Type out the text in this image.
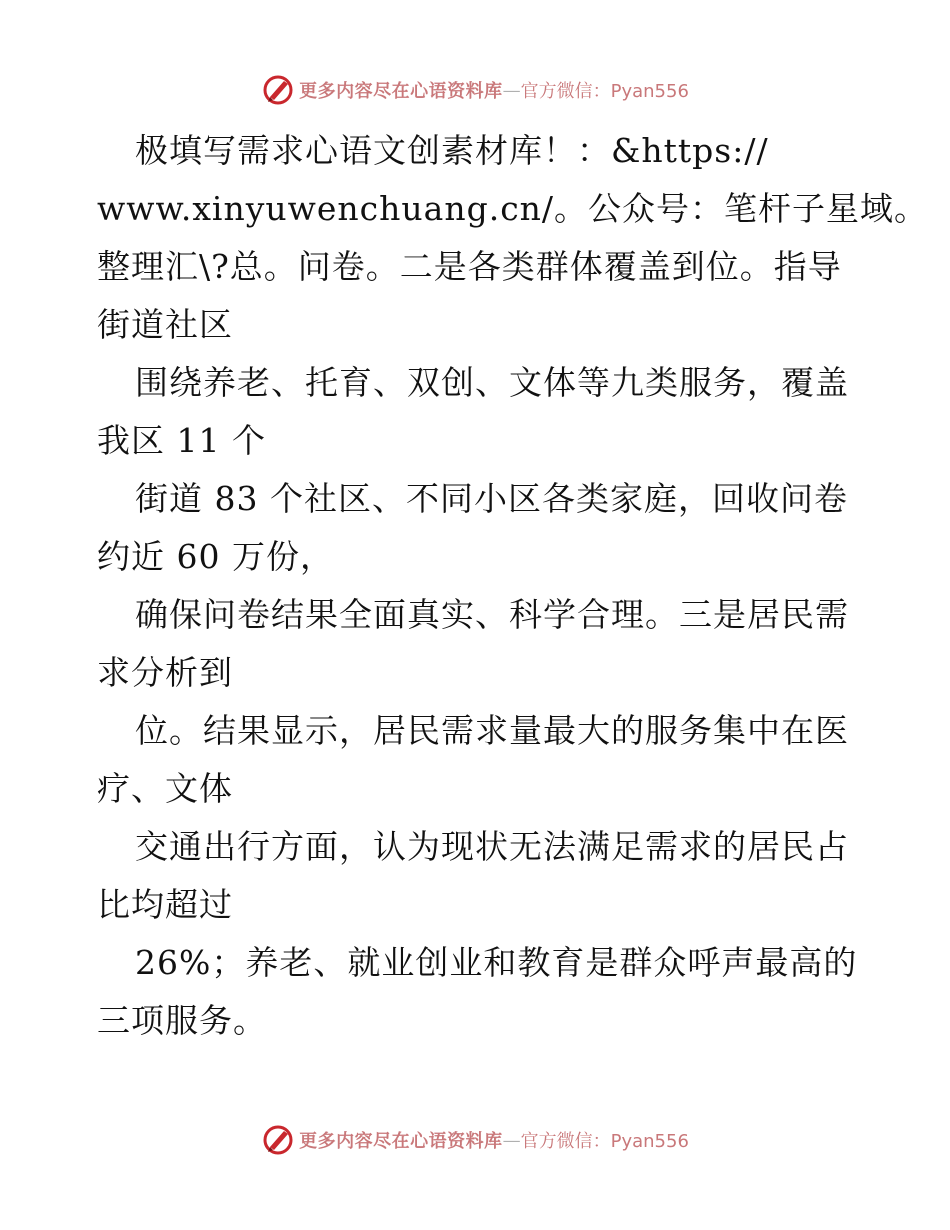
更多内容尽在心语资料库 — 官方微信：Pyan556
极填写需求心语文创素材库！：&https://
www.xinyuwenchuang.cn/。公众号：笔杆子星域。
整理汇\?总。问卷。二是各类群体覆盖到位。指导
街道社区
围绕养老、托育、双创、文体等九类服务，覆盖
我区 11 个
街道 83 个社区、不同小区各类家庭，回收问卷
约近 60 万份，
确保问卷结果全面真实、科学合理。三是居民需
求分析到
位。结果显示，居民需求量最大的服务集中在医
疗、文体
交通出行方面，认为现状无法满足需求的居民占
比均超过
26%；养老、就业创业和教育是群众呼声最高的
三项服务。
更多内容尽在心语资料库 — 官方微信：Pyan556
